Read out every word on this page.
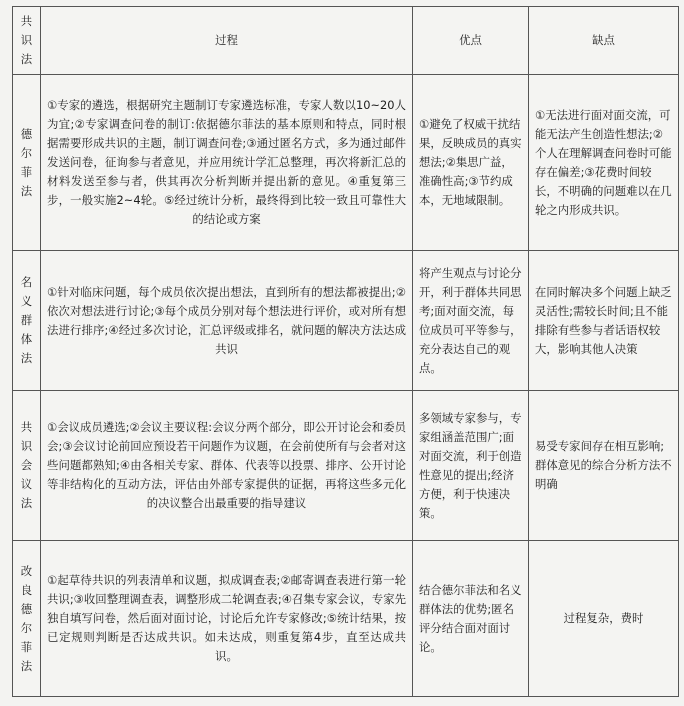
共识法	过程	优点	缺点
德尔菲法	①专家的遴选，根据研究主题制订专家遴选标准，专家人数以10~20人为宜;②专家调查问卷的制订:依据德尔菲法的基本原则和特点，同时根据需要形成共识的主题，制订调查问卷;③通过匿名方式，多为通过邮件发送问卷，征询参与者意见，并应用统计学汇总整理，再次将新汇总的材料发送至参与者，供其再次分析判断并提出新的意见。④重复第三步，一般实施2~4轮。⑤经过统计分析，最终得到比较一致且可靠性大的结论或方案	①避免了权威干扰结果，反映成员的真实想法;②集思广益，准确性高;③节约成本，无地域限制。	①无法进行面对面交流，可能无法产生创造性想法;②个人在理解调查问卷时可能存在偏差;③花费时间较长，不明确的问题难以在几轮之内形成共识。
名义群体法	①针对临床问题，每个成员依次提出想法，直到所有的想法都被提出;②依次对想法进行讨论;③每个成员分别对每个想法进行评价，或对所有想法进行排序;④经过多次讨论，汇总评级或排名，就问题的解决方法达成共识	将产生观点与讨论分开，利于群体共同思考;面对面交流，每位成员可平等参与，充分表达自己的观点。	在同时解决多个问题上缺乏灵活性;需较长时间;且不能排除有些参与者话语权较大，影响其他人决策
共识会议法	①会议成员遴选;②会议主要议程:会议分两个部分，即公开讨论会和委员会;③会议讨论前回应预设若干问题作为议题，在会前使所有与会者对这些问题都熟知;④由各相关专家、群体、代表等以投票、排序、公开讨论等非结构化的互动方法，评估由外部专家提供的证据，再将这些多元化的决议整合出最重要的指导建议	多领域专家参与，专家组涵盖范围广;面对面交流，利于创造性意见的提出;经济方便，利于快速决策。	易受专家间存在相互影响;群体意见的综合分析方法不明确
改良德尔菲法	①起草待共识的列表清单和议题，拟成调查表;②邮寄调查表进行第一轮共识;③收回整理调查表，调整形成二轮调查表;④召集专家会议，专家先独自填写问卷，然后面对面讨论，讨论后允许专家修改;⑤统计结果，按已定规则判断是否达成共识。如未达成，则重复第4步，直至达成共识。	结合德尔菲法和名义群体法的优势;匿名评分结合面对面讨论。	过程复杂，费时
